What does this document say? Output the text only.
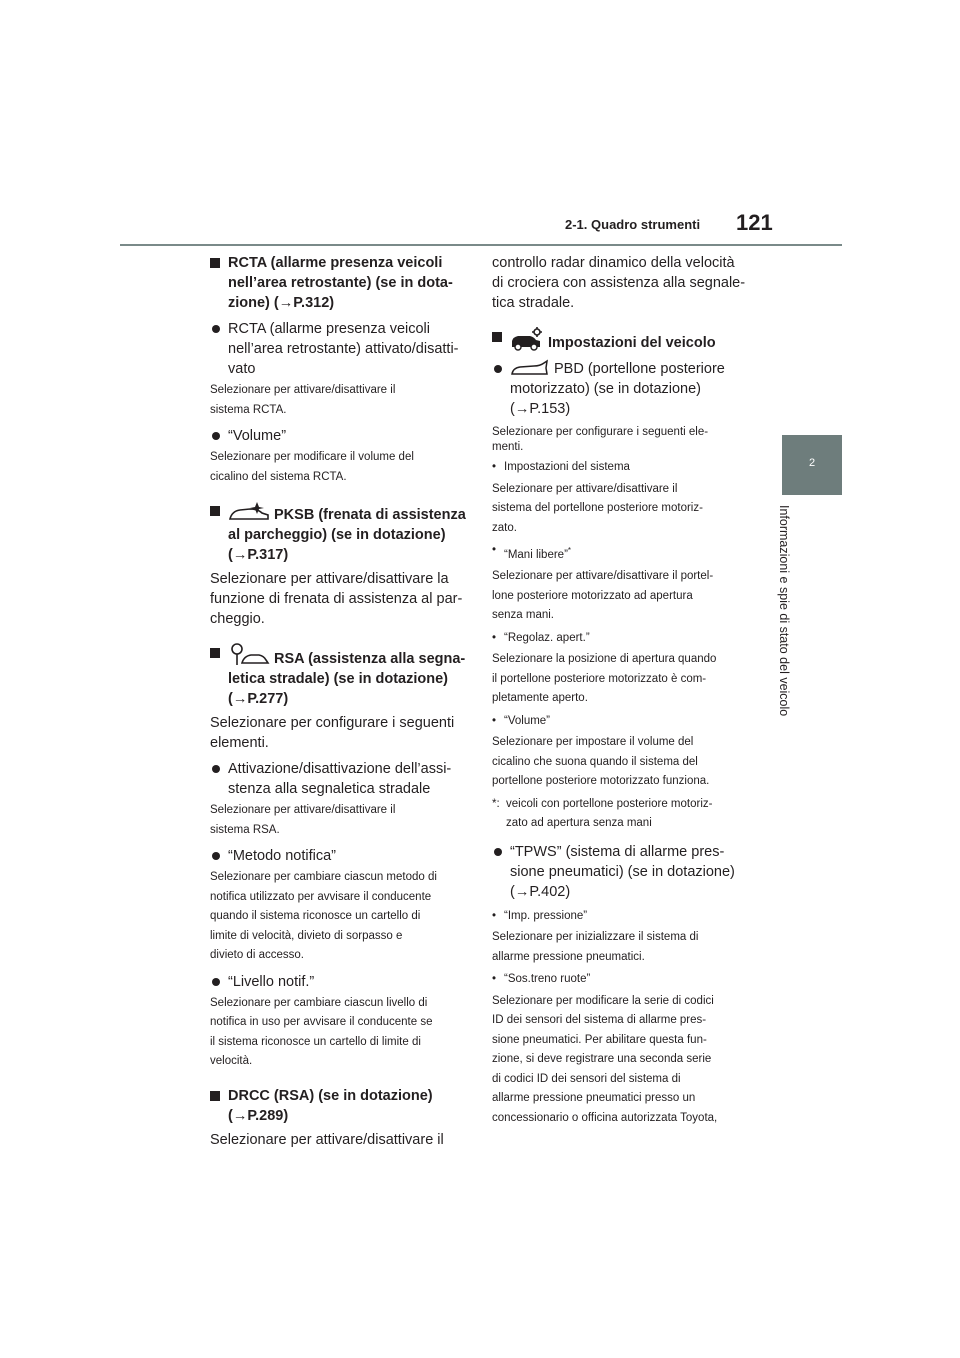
2-1. Quadro strumenti 121
2
Informazioni e spie di stato del veicolo
RCTA (allarme presenza veicoli
nell’area retrostante) (se in dota-
zione) (→P.312)
RCTA (allarme presenza veicoli
nell’area retrostante) attivato/disatti-
vato
Selezionare per attivare/disattivare il
sistema RCTA.
“Volume”
Selezionare per modificare il volume del
cicalino del sistema RCTA.
PKSB (frenata di assistenza
al parcheggio) (se in dotazione)
(→P.317)
Selezionare per attivare/disattivare la
funzione di frenata di assistenza al par-
cheggio.
RSA (assistenza alla segna-
letica stradale) (se in dotazione)
(→P.277)
Selezionare per configurare i seguenti
elementi.
Attivazione/disattivazione dell’assi-
stenza alla segnaletica stradale
Selezionare per attivare/disattivare il
sistema RSA.
“Metodo notifica”
Selezionare per cambiare ciascun metodo di
notifica utilizzato per avvisare il conducente
quando il sistema riconosce un cartello di
limite di velocità, divieto di sorpasso e
divieto di accesso.
“Livello notif.”
Selezionare per cambiare ciascun livello di
notifica in uso per avvisare il conducente se
il sistema riconosce un cartello di limite di
velocità.
DRCC (RSA) (se in dotazione)
(→P.289)
Selezionare per attivare/disattivare il
controllo radar dinamico della velocità
di crociera con assistenza alla segnale-
tica stradale.
Impostazioni del veicolo
PBD (portellone posteriore
motorizzato) (se in dotazione)
(→P.153)
Selezionare per configurare i seguenti ele-
menti.
• Impostazioni del sistema
Selezionare per attivare/disattivare il
sistema del portellone posteriore motoriz-
zato.
• “Mani libere”*
Selezionare per attivare/disattivare il portel-
lone posteriore motorizzato ad apertura
senza mani.
• “Regolaz. apert.”
Selezionare la posizione di apertura quando
il portellone posteriore motorizzato è com-
pletamente aperto.
• “Volume”
Selezionare per impostare il volume del
cicalino che suona quando il sistema del
portellone posteriore motorizzato funziona.
*: veicoli con portellone posteriore motoriz-
zato ad apertura senza mani
“TPWS” (sistema di allarme pres-
sione pneumatici) (se in dotazione)
(→P.402)
• “Imp. pressione”
Selezionare per inizializzare il sistema di
allarme pressione pneumatici.
• “Sos.treno ruote”
Selezionare per modificare la serie di codici
ID dei sensori del sistema di allarme pres-
sione pneumatici. Per abilitare questa fun-
zione, si deve registrare una seconda serie
di codici ID dei sensori del sistema di
allarme pressione pneumatici presso un
concessionario o officina autorizzata Toyota,
